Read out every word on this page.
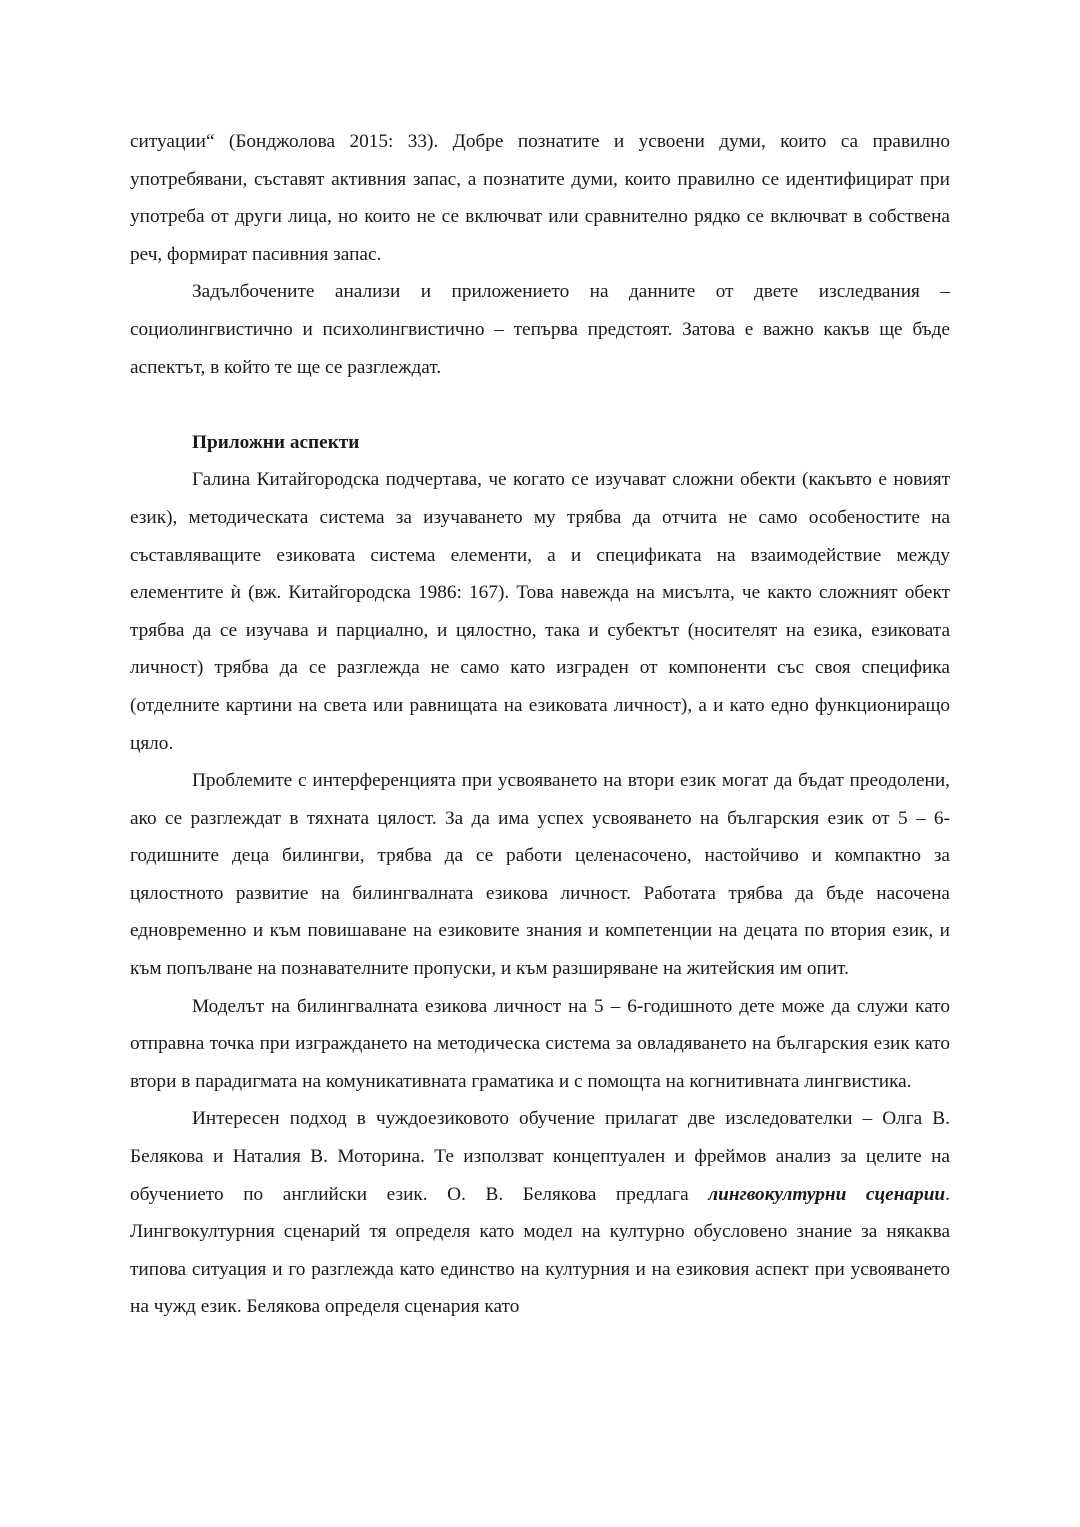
ситуации“ (Бонджолова 2015: 33). Добре познатите и усвоени думи, които са правилно употребявани, съставят активния запас, а познатите думи, които правилно се идентифицират при употреба от други лица, но които не се включват или сравнително рядко се включват в собствена реч, формират пасивния запас.

Задълбочените анализи и приложението на данните от двете изследвания – социолингвистично и психолингвистично – тепърва предстоят. Затова е важно какъв ще бъде аспектът, в който те ще се разглеждат.

Приложни аспекти

Галина Китайгородска подчертава, че когато се изучават сложни обекти (какъвто е новият език), методическата система за изучаването му трябва да отчита не само особеностите на съставляващите езиковата система елементи, а и спецификата на взаимодействие между елементите ѝ (вж. Китайгородска 1986: 167). Това навежда на мисълта, че както сложният обект трябва да се изучава и парциално, и цялостно, така и субектът (носителят на езика, езиковата личност) трябва да се разглежда не само като изграден от компоненти със своя специфика (отделните картини на света или равнищата на езиковата личност), а и като едно функциониращо цяло.

Проблемите с интерференцията при усвояването на втори език могат да бъдат преодолени, ако се разглеждат в тяхната цялост. За да има успех усвояването на българския език от 5 – 6-годишните деца билингви, трябва да се работи целенасочено, настойчиво и компактно за цялостното развитие на билингвалната езикова личност. Работата трябва да бъде насочена едновременно и към повишаване на езиковите знания и компетенции на децата по втория език, и към попълване на познавателните пропуски, и към разширяване на житейския им опит.

Моделът на билингвалната езикова личност на 5 – 6-годишното дете може да служи като отправна точка при изграждането на методическа система за овладяването на българския език като втори в парадигмата на комуникативната граматика и с помощта на когнитивната лингвистика.

Интересен подход в чуждоезиковото обучение прилагат две изследователки – Олга В. Белякова и Наталия В. Моторина. Те използват концептуален и фреймов анализ за целите на обучението по английски език. О. В. Белякова предлага лингвокултурни сценарии. Лингвокултурния сценарий тя определя като модел на културно обусловено знание за някаква типова ситуация и го разглежда като единство на културния и на езиковия аспект при усвояването на чужд език. Белякова определя сценария като
